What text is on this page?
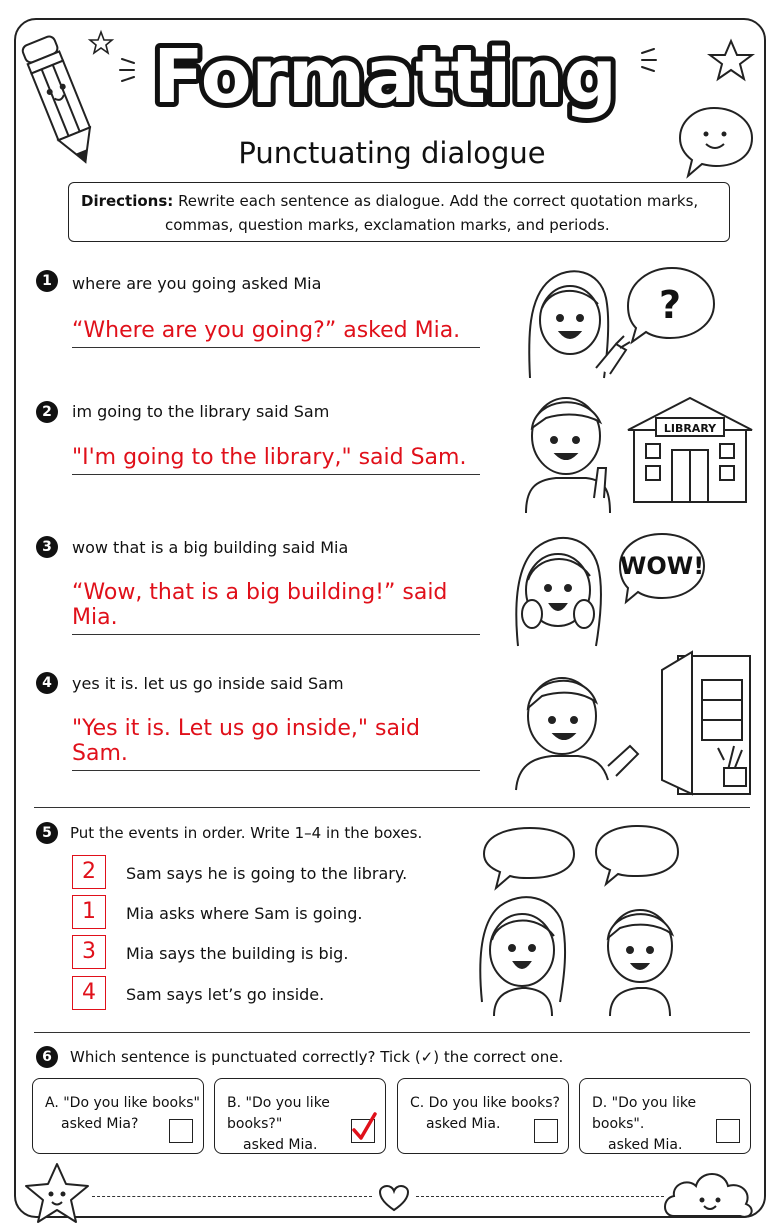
Formatting
Punctuating dialogue
Directions: Rewrite each sentence as dialogue. Add the correct quotation marks,
commas, question marks, exclamation marks, and periods.
1	where are you going asked Mia
“Where are you going?” asked Mia.
?
2	im going to the library said Sam
"I'm going to the library," said Sam.
LIBRARY
3	wow that is a big building said Mia
“Wow, that is a big building!” said Mia.
WOW!
4	yes it is. let us go inside said Sam
"Yes it is. Let us go inside," said Sam.
5	Put the events in order. Write 1–4 in the boxes.
2	Sam says he is going to the library.
1	Mia asks where Sam is going.
3	Mia says the building is big.
4	Sam says let’s go inside.
6	Which sentence is punctuated correctly? Tick (✓) the correct one.
A. "Do you like books"
asked Mia?
B. "Do you like books?"
asked Mia.
C. Do you like books?
asked Mia.
D. "Do you like books".
asked Mia.
